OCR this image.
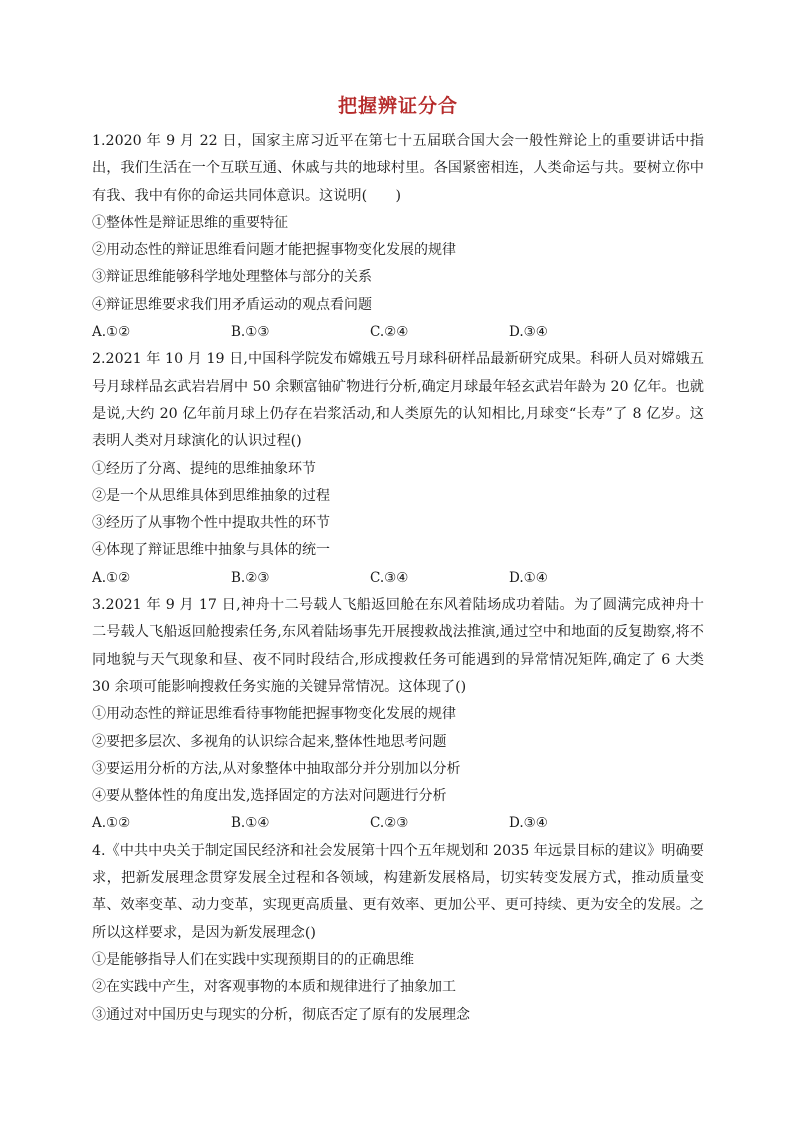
把握辨证分合

1.2020 年 9 月 22 日，国家主席习近平在第七十五届联合国大会一般性辩论上的重要讲话中指出，我们生活在一个互联互通、休戚与共的地球村里。各国紧密相连，人类命运与共。要树立你中有我、我中有你的命运共同体意识。这说明(　　)

①整体性是辩证思维的重要特征

②用动态性的辩证思维看问题才能把握事物变化发展的规律

③辩证思维能够科学地处理整体与部分的关系

④辩证思维要求我们用矛盾运动的观点看问题

A.①②	B.①③	C.②④	D.③④

2.2021 年 10 月 19 日,中国科学院发布嫦娥五号月球科研样品最新研究成果。科研人员对嫦娥五号月球样品玄武岩岩屑中 50 余颗富铀矿物进行分析,确定月球最年轻玄武岩年龄为 20 亿年。也就是说,大约 20 亿年前月球上仍存在岩浆活动,和人类原先的认知相比,月球变“长寿”了 8 亿岁。这表明人类对月球演化的认识过程()

①经历了分离、提纯的思维抽象环节

②是一个从思维具体到思维抽象的过程

③经历了从事物个性中提取共性的环节

④体现了辩证思维中抽象与具体的统一

A.①②	B.②③	C.③④	D.①④

3.2021 年 9 月 17 日,神舟十二号载人飞船返回舱在东风着陆场成功着陆。为了圆满完成神舟十二号载人飞船返回舱搜索任务,东风着陆场事先开展搜救战法推演,通过空中和地面的反复勘察,将不同地貌与天气现象和昼、夜不同时段结合,形成搜救任务可能遇到的异常情况矩阵,确定了 6 大类 30 余项可能影响搜救任务实施的关键异常情况。这体现了()

①用动态性的辩证思维看待事物能把握事物变化发展的规律

②要把多层次、多视角的认识综合起来,整体性地思考问题

③要运用分析的方法,从对象整体中抽取部分并分别加以分析

④要从整体性的角度出发,选择固定的方法对问题进行分析

A.①②	B.①④	C.②③	D.③④

4.《中共中央关于制定国民经济和社会发展第十四个五年规划和 2035 年远景目标的建议》明确要求，把新发展理念贯穿发展全过程和各领域，构建新发展格局，切实转变发展方式，推动质量变革、效率变革、动力变革，实现更高质量、更有效率、更加公平、更可持续、更为安全的发展。之所以这样要求，是因为新发展理念()

①是能够指导人们在实践中实现预期目的的正确思维

②在实践中产生，对客观事物的本质和规律进行了抽象加工

③通过对中国历史与现实的分析，彻底否定了原有的发展理念
